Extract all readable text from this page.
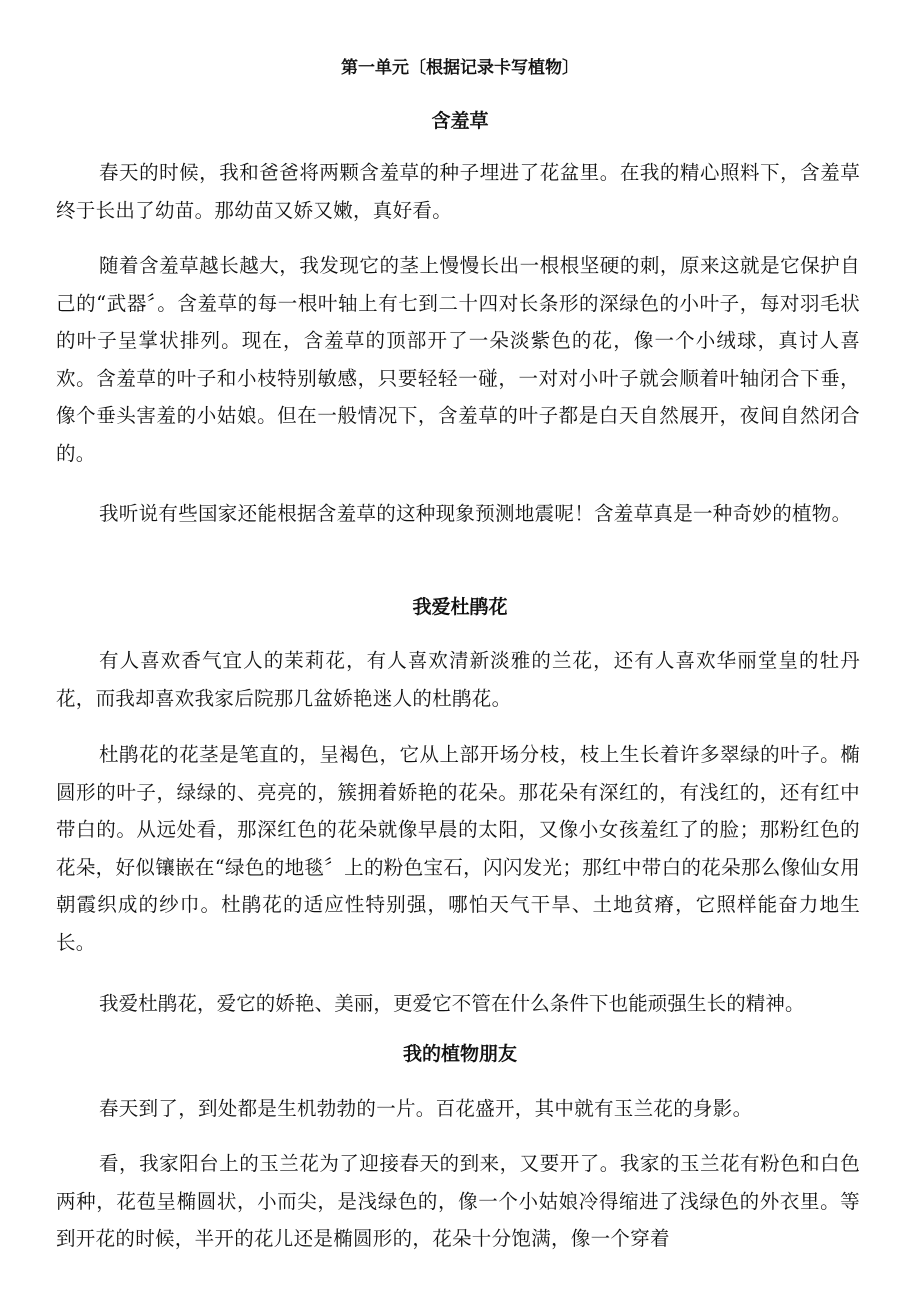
第一单元〔根据记录卡写植物〕
含羞草

春天的时候，我和爸爸将两颗含羞草的种子埋进了花盆里。在我的精心照料下，含羞草终于长出了幼苗。那幼苗又娇又嫩，真好看。

随着含羞草越长越大，我发现它的茎上慢慢长出一根根坚硬的刺，原来这就是它保护自己的“武器〞。含羞草的每一根叶轴上有七到二十四对长条形的深绿色的小叶子，每对羽毛状的叶子呈掌状排列。现在，含羞草的顶部开了一朵淡紫色的花，像一个小绒球，真讨人喜欢。含羞草的叶子和小枝特别敏感，只要轻轻一碰，一对对小叶子就会顺着叶轴闭合下垂，像个垂头害羞的小姑娘。但在一般情况下，含羞草的叶子都是白天自然展开，夜间自然闭合的。

我听说有些国家还能根据含羞草的这种现象预测地震呢！含羞草真是一种奇妙的植物。

我爱杜鹃花

有人喜欢香气宜人的茉莉花，有人喜欢清新淡雅的兰花，还有人喜欢华丽堂皇的牡丹花，而我却喜欢我家后院那几盆娇艳迷人的杜鹃花。

杜鹃花的花茎是笔直的，呈褐色，它从上部开场分枝，枝上生长着许多翠绿的叶子。椭圆形的叶子，绿绿的、亮亮的，簇拥着娇艳的花朵。那花朵有深红的，有浅红的，还有红中带白的。从远处看，那深红色的花朵就像早晨的太阳，又像小女孩羞红了的脸；那粉红色的花朵，好似镶嵌在“绿色的地毯〞上的粉色宝石，闪闪发光；那红中带白的花朵那么像仙女用朝霞织成的纱巾。杜鹃花的适应性特别强，哪怕天气干旱、土地贫瘠，它照样能奋力地生长。

我爱杜鹃花，爱它的娇艳、美丽，更爱它不管在什么条件下也能顽强生长的精神。

我的植物朋友

春天到了，到处都是生机勃勃的一片。百花盛开，其中就有玉兰花的身影。

看，我家阳台上的玉兰花为了迎接春天的到来，又要开了。我家的玉兰花有粉色和白色两种，花苞呈椭圆状，小而尖，是浅绿色的，像一个小姑娘冷得缩进了浅绿色的外衣里。等到开花的时候，半开的花儿还是椭圆形的，花朵十分饱满，像一个穿着
